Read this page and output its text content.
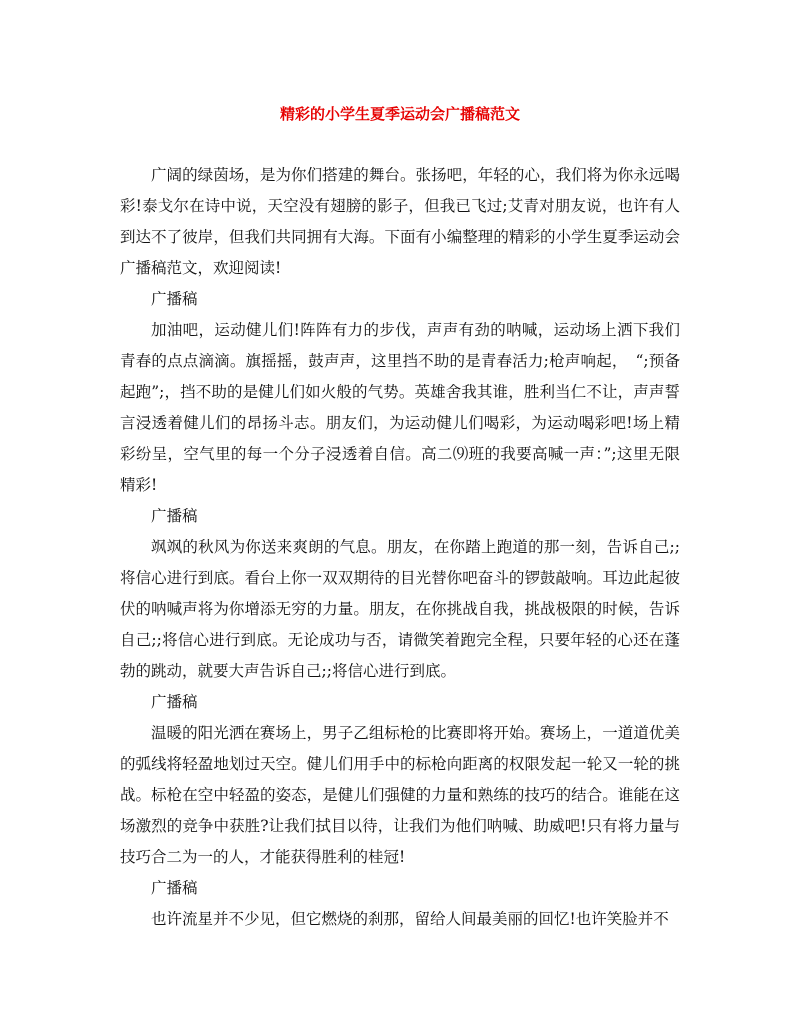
精彩的小学生夏季运动会广播稿范文

广阔的绿茵场，是为你们搭建的舞台。张扬吧，年轻的心，我们将为你永远喝彩!泰戈尔在诗中说，天空没有翅膀的影子，但我已飞过;艾青对朋友说，也许有人到达不了彼岸，但我们共同拥有大海。下面有小编整理的精彩的小学生夏季运动会广播稿范文，欢迎阅读!

广播稿

加油吧，运动健儿们!阵阵有力的步伐，声声有劲的呐喊，运动场上洒下我们青春的点点滴滴。旗摇摇，鼓声声，这里挡不助的是青春活力;枪声响起，　“;预备起跑”;，挡不助的是健儿们如火般的气势。英雄舍我其谁，胜利当仁不让，声声誓言浸透着健儿们的昂扬斗志。朋友们，为运动健儿们喝彩，为运动喝彩吧!场上精彩纷呈，空气里的每一个分子浸透着自信。高二⑼班的我要高喊一声：”;这里无限精彩!

广播稿

飒飒的秋风为你送来爽朗的气息。朋友，在你踏上跑道的那一刻，告诉自己;;将信心进行到底。看台上你一双双期待的目光替你吧奋斗的锣鼓敲响。耳边此起彼伏的呐喊声将为你增添无穷的力量。朋友，在你挑战自我，挑战极限的时候，告诉自己;;将信心进行到底。无论成功与否，请微笑着跑完全程，只要年轻的心还在蓬勃的跳动，就要大声告诉自己;;将信心进行到底。

广播稿

温暖的阳光洒在赛场上，男子乙组标枪的比赛即将开始。赛场上，一道道优美的弧线将轻盈地划过天空。健儿们用手中的标枪向距离的权限发起一轮又一轮的挑战。标枪在空中轻盈的姿态，是健儿们强健的力量和熟练的技巧的结合。谁能在这场激烈的竞争中获胜?让我们拭目以待，让我们为他们呐喊、助威吧!只有将力量与技巧合二为一的人，才能获得胜利的桂冠!

广播稿

也许流星并不少见，但它燃烧的刹那，留给人间最美丽的回忆!也许笑脸并不
